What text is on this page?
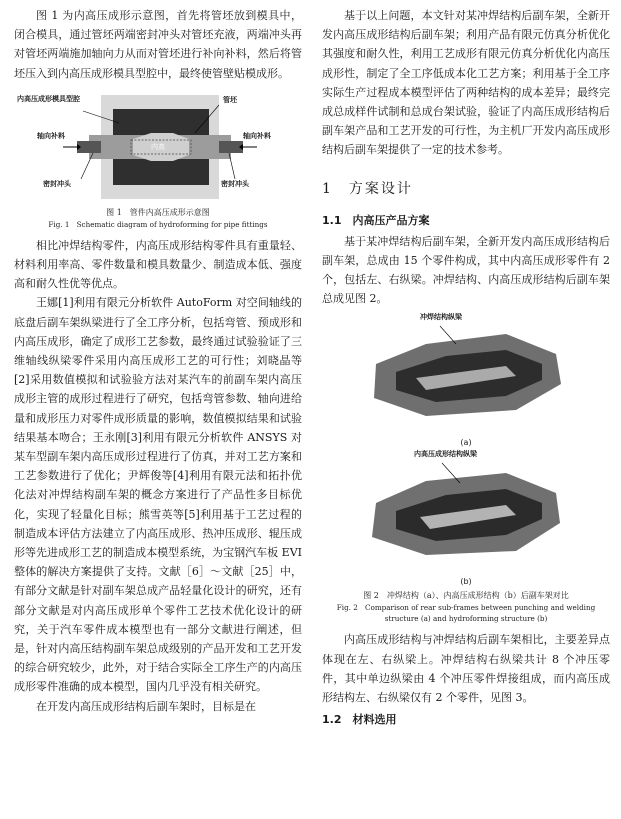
图 1 为内高压成形示意图，首先将管坯放到模具中，闭合模具，通过管坯两端密封冲头对管坯充液，两端冲头再对管坯两端施加轴向力从而对管坯进行补向补料，然后将管坯压入到内高压成形模具型腔中，最终使管壁贴模成形。

内高压成形模具型腔	管坯
轴向补料	轴向补料
内高
密封冲头	密封冲头

图 1　管件内高压成形示意图

Fig. 1　Schematic diagram of hydroforming for pipe fittings

相比冲焊结构零件，内高压成形结构零件具有重量轻、材料利用率高、零件数量和模具数量少、制造成本低、强度高和耐久性优等优点。

王娜[1]利用有限元分析软件 AutoForm 对空间轴线的底盘后副车架纵梁进行了全工序分析，包括弯管、预成形和内高压成形，确定了成形工艺参数，最终通过试验验证了三维轴线纵梁零件采用内高压成形工艺的可行性；刘晓晶等[2]采用数值模拟和试验验方法对某汽车的前副车架内高压成形主管的成形过程进行了研究，包括弯管参数、轴向进给量和成形压力对零件成形质量的影响，数值模拟结果和试验结果基本吻合；王永刚[3]利用有限元分析软件 ANSYS 对某车型副车架内高压成形过程进行了仿真，并对工艺方案和工艺参数进行了优化；尹辉俊等[4]利用有限元法和拓扑优化法对冲焊结构副车架的概念方案进行了产品性多目标优化，实现了轻量化目标；熊雪英等[5]利用基于工艺过程的制造成本评估方法建立了内高压成形、热冲压成形、辊压成形等先进成形工艺的制造成本模型系统，为宝钢汽车板 EVI 整体的解决方案提供了支持。文献［6］～文献［25］中，有部分文献是针对副车架总成产品轻量化设计的研究，还有部分文献是对内高压成形单个零件工艺技术优化设计的研究，关于汽车零件成本模型也有一部分文献进行阐述，但是，针对内高压结构副车架总成级别的产品开发和工艺开发的综合研究较少，此外，对于结合实际全工序生产的内高压成形零件准确的成本模型，国内几乎没有相关研究。

在开发内高压成形结构后副车架时，目标是在

基于以上问题，本文针对某冲焊结构后副车架，全新开发内高压成形结构后副车架；利用产品有限元仿真分析优化其强度和耐久性，利用工艺成形有限元仿真分析优化内高压成形性，制定了全工序低成本化工艺方案；利用基于全工序实际生产过程成本模型评估了两种结构的成本差异；最终完成总成样件试制和总成台架试验，验证了内高压成形结构后副车架产品和工艺开发的可行性，为主机厂开发内高压成形结构后副车架提供了一定的技术参考。

1　方案设计
1.1　内高压产品方案

基于某冲焊结构后副车架，全新开发内高压成形结构后副车架，总成由 15 个零件构成，其中内高压成形零件有 2 个，包括左、右纵梁。冲焊结构、内高压成形结构后副车架总成见图 2。

冲焊结构纵梁

(a)

内高压成形结构纵梁

(b)

图 2　冲焊结构（a）、内高压成形结构（b）后副车架对比

Fig. 2　Comparison of rear sub-frames between punching and welding structure (a) and hydroforming structure (b)

内高压成形结构与冲焊结构后副车架相比，主要差异点体现在左、右纵梁上。冲焊结构右纵梁共计 8 个冲压零件，其中单边纵梁由 4 个冲压零件焊接组成，而内高压成形结构左、右纵梁仅有 2 个零件，见图 3。

1.2　材料选用
